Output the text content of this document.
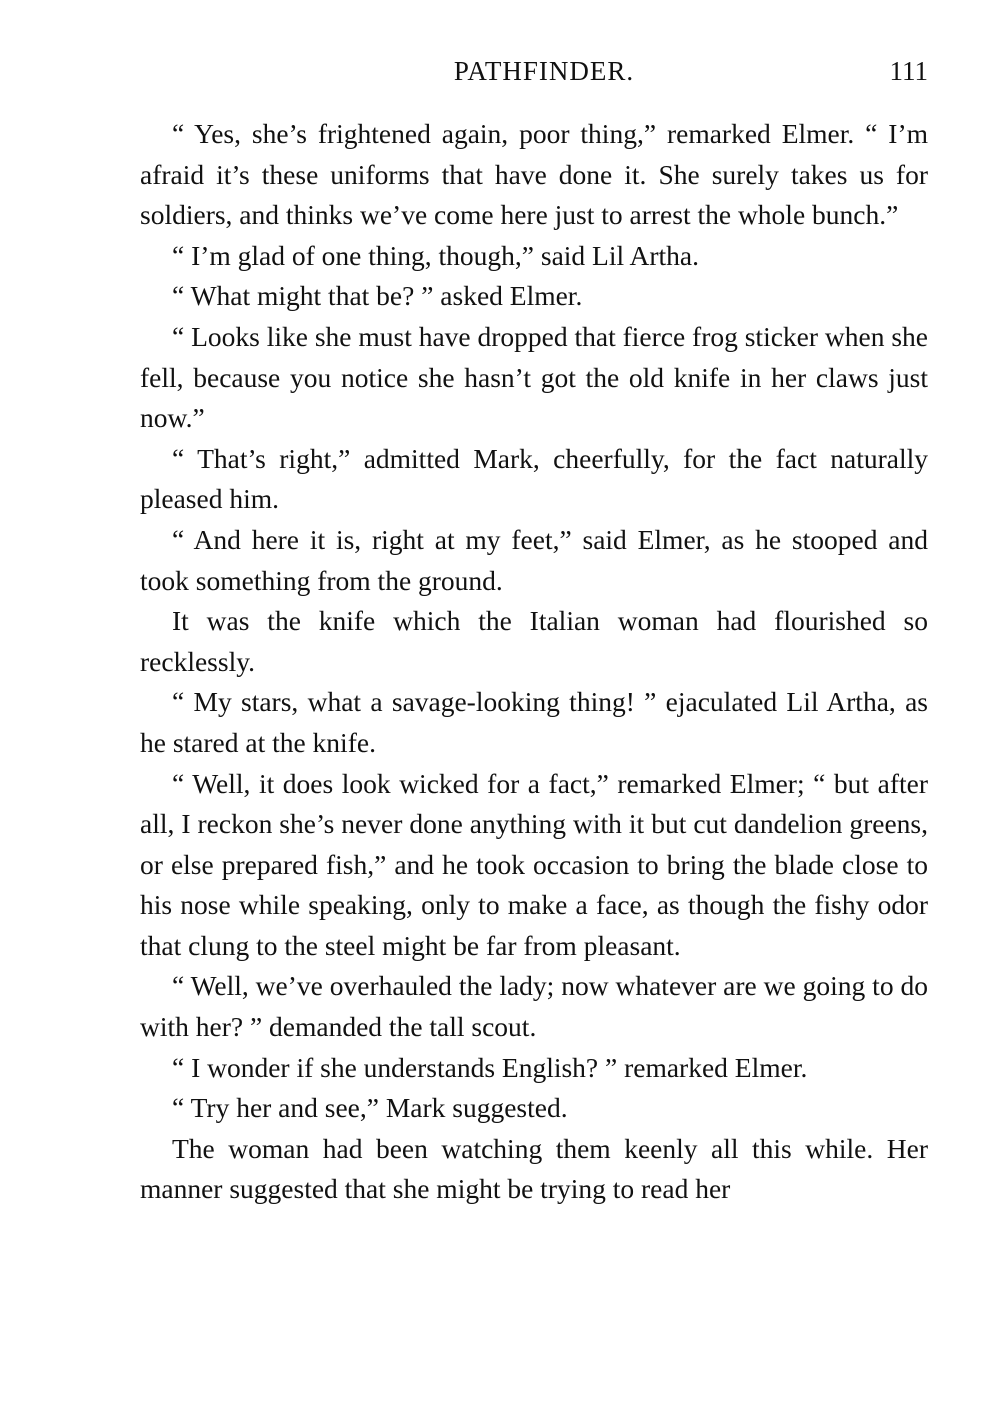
PATHFINDER.	111

“ Yes, she’s frightened again, poor thing,” remarked Elmer. “ I’m afraid it’s these uniforms that have done it. She surely takes us for soldiers, and thinks we’ve come here just to arrest the whole bunch.”

“ I’m glad of one thing, though,” said Lil Artha.

“ What might that be? ” asked Elmer.

“ Looks like she must have dropped that fierce frog sticker when she fell, because you notice she hasn’t got the old knife in her claws just now.”

“ That’s right,” admitted Mark, cheerfully, for the fact naturally pleased him.

“ And here it is, right at my feet,” said Elmer, as he stooped and took something from the ground.

It was the knife which the Italian woman had flourished so recklessly.

“ My stars, what a savage-looking thing! ” ejaculated Lil Artha, as he stared at the knife.

“ Well, it does look wicked for a fact,” remarked Elmer; “ but after all, I reckon she’s never done anything with it but cut dandelion greens, or else prepared fish,” and he took occasion to bring the blade close to his nose while speaking, only to make a face, as though the fishy odor that clung to the steel might be far from pleasant.

“ Well, we’ve overhauled the lady; now whatever are we going to do with her? ” demanded the tall scout.

“ I wonder if she understands English? ” remarked Elmer.

“ Try her and see,” Mark suggested.

The woman had been watching them keenly all this while. Her manner suggested that she might be trying to read her
